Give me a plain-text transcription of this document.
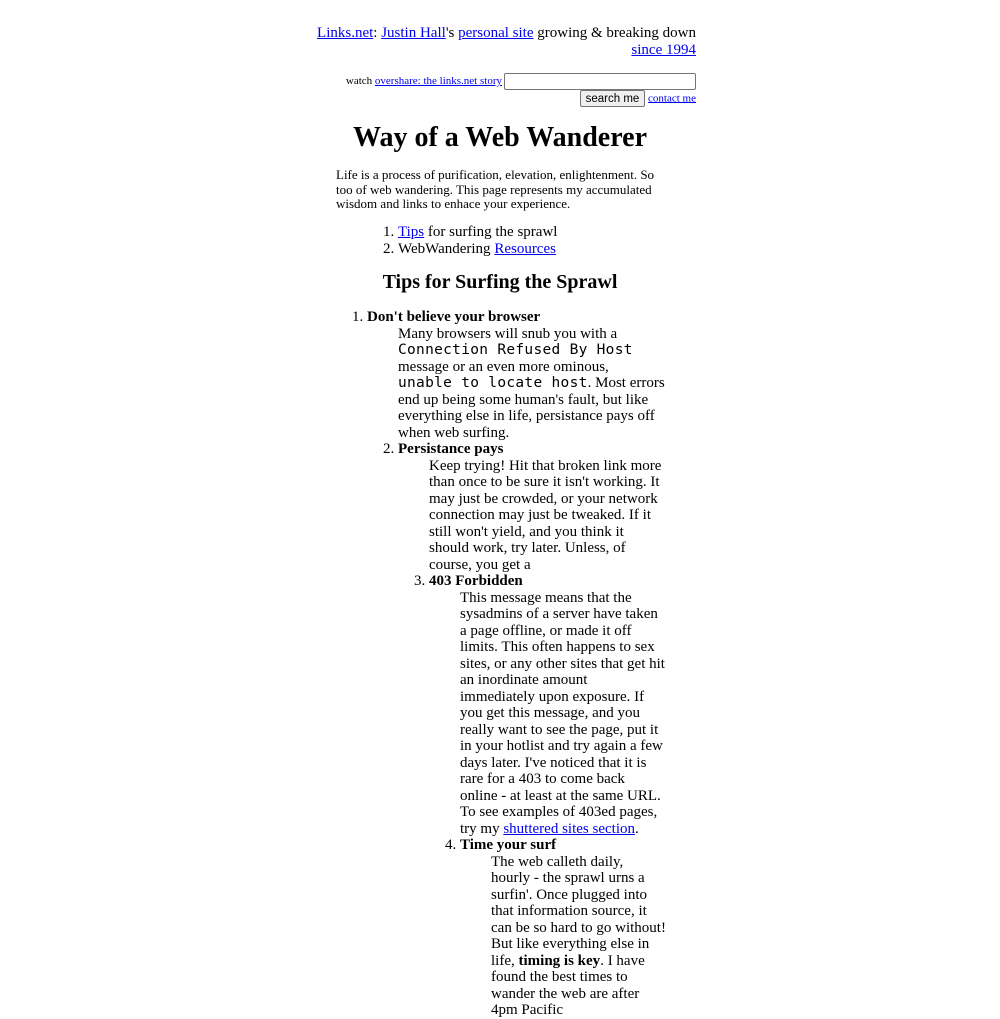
Links.net: Justin Hall's personal site growing & breaking down since 1994
watch overshare: the links.net story
search me contact me
Way of a Web Wanderer

Life is a process of purification, elevation, enlightenment. So too of web wandering. This page represents my accumulated wisdom and links to enhace your experience.

1. Tips for surfing the sprawl
2. WebWandering Resources
Tips for Surfing the Sprawl
1. Don't believe your browser
Many browsers will snub you with a Connection Refused By Host message or an even more ominous, unable to locate host. Most errors end up being some human's fault, but like everything else in life, persistance pays off when web surfing.
2. Persistance pays
Keep trying! Hit that broken link more than once to be sure it isn't working. It may just be crowded, or your network connection may just be tweaked. If it still won't yield, and you think it should work, try later. Unless, of course, you get a
3. 403 Forbidden
This message means that the sysadmins of a server have taken a page offline, or made it off limits. This often happens to sex sites, or any other sites that get hit an inordinate amount immediately upon exposure. If you get this message, and you really want to see the page, put it in your hotlist and try again a few days later. I've noticed that it is rare for a 403 to come back online - at least at the same URL. To see examples of 403ed pages, try my shuttered sites section.
4. Time your surf
The web calleth daily, hourly - the sprawl urns a surfin'. Once plugged into that information source, it can be so hard to go without! But like everything else in life, timing is key. I have found the best times to wander the web are after 4pm Pacific
